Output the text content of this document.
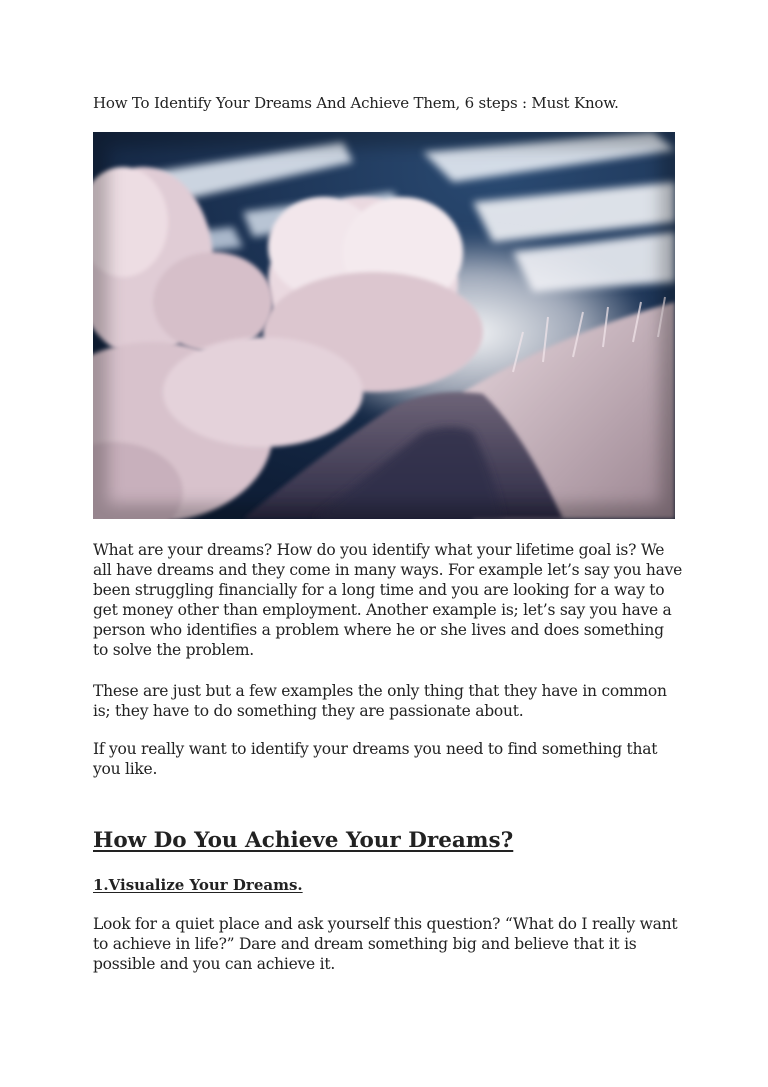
How To Identify Your Dreams And Achieve Them, 6 steps : Must Know.

What are your dreams? How do you identify what your lifetime goal is? We all have dreams and they come in many ways. For example let’s say you have been struggling financially for a long time and you are looking for a way to get money other than employment. Another example is; let’s say you have a person who identifies a problem where he or she lives and does something to solve the problem.

These are just but a few examples the only thing that they have in common is; they have to do something they are passionate about.

If you really want to identify your dreams you need to find something that you like.

How Do You Achieve Your Dreams?
1.Visualize Your Dreams.

Look for a quiet place and ask yourself this question? “What do I really want to achieve in life?” Dare and dream something big and believe that it is possible and you can achieve it.
